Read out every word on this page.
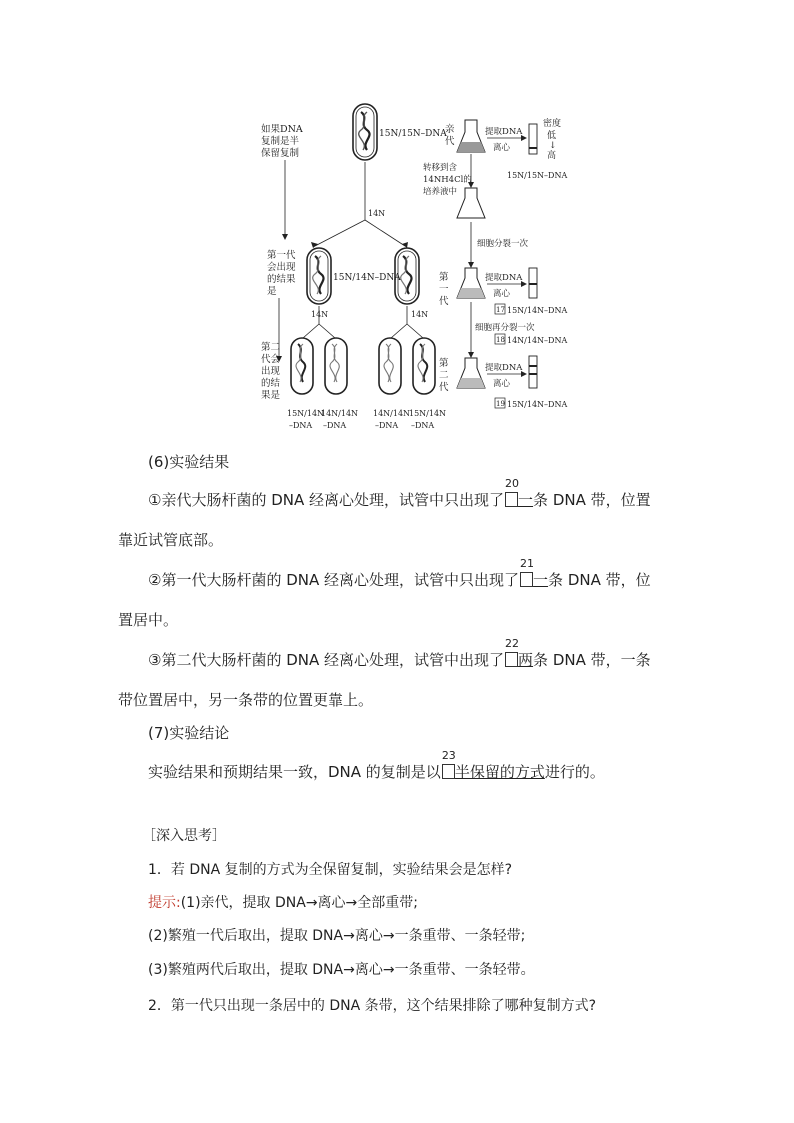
15N/15N–DNA
如果DNA
复制是半
保留复制
14N
第一代
会出现
的结果
是
15N/14N–DNA
14N	14N
第二
代会
出现
的结
果是
15N/14N
–DNA
14N/14N
–DNA
14N/14N
–DNA
15N/14N
–DNA
亲
代
提取DNA
离心
密度
低
↓
高
15N/15N–DNA
转移到含
14NH4Cl的
培养液中
细胞分裂一次
第
一
代
提取DNA
离心
17 15N/14N–DNA
细胞再分裂一次
18 14N/14N–DNA
第
二
代
提取DNA
离心
19 15N/14N–DNA
(6)实验结果
①亲代大肠杆菌的 DNA 经离心处理，试管中只出现了
20
一条 DNA 带，位置
靠近试管底部。
②第一代大肠杆菌的 DNA 经离心处理，试管中只出现了
21
一条 DNA 带，位
置居中。
③第二代大肠杆菌的 DNA 经离心处理，试管中出现了
22
两条 DNA 带，一条
带位置居中，另一条带的位置更靠上。
(7)实验结论
实验结果和预期结果一致，DNA 的复制是以
23
半保留的方式进行的。
［深入思考］
1．若 DNA 复制的方式为全保留复制，实验结果会是怎样?
提示:(1)亲代，提取 DNA→离心→全部重带;
(2)繁殖一代后取出，提取 DNA→离心→一条重带、一条轻带;
(3)繁殖两代后取出，提取 DNA→离心→一条重带、一条轻带。
2．第一代只出现一条居中的 DNA 条带，这个结果排除了哪种复制方式?
